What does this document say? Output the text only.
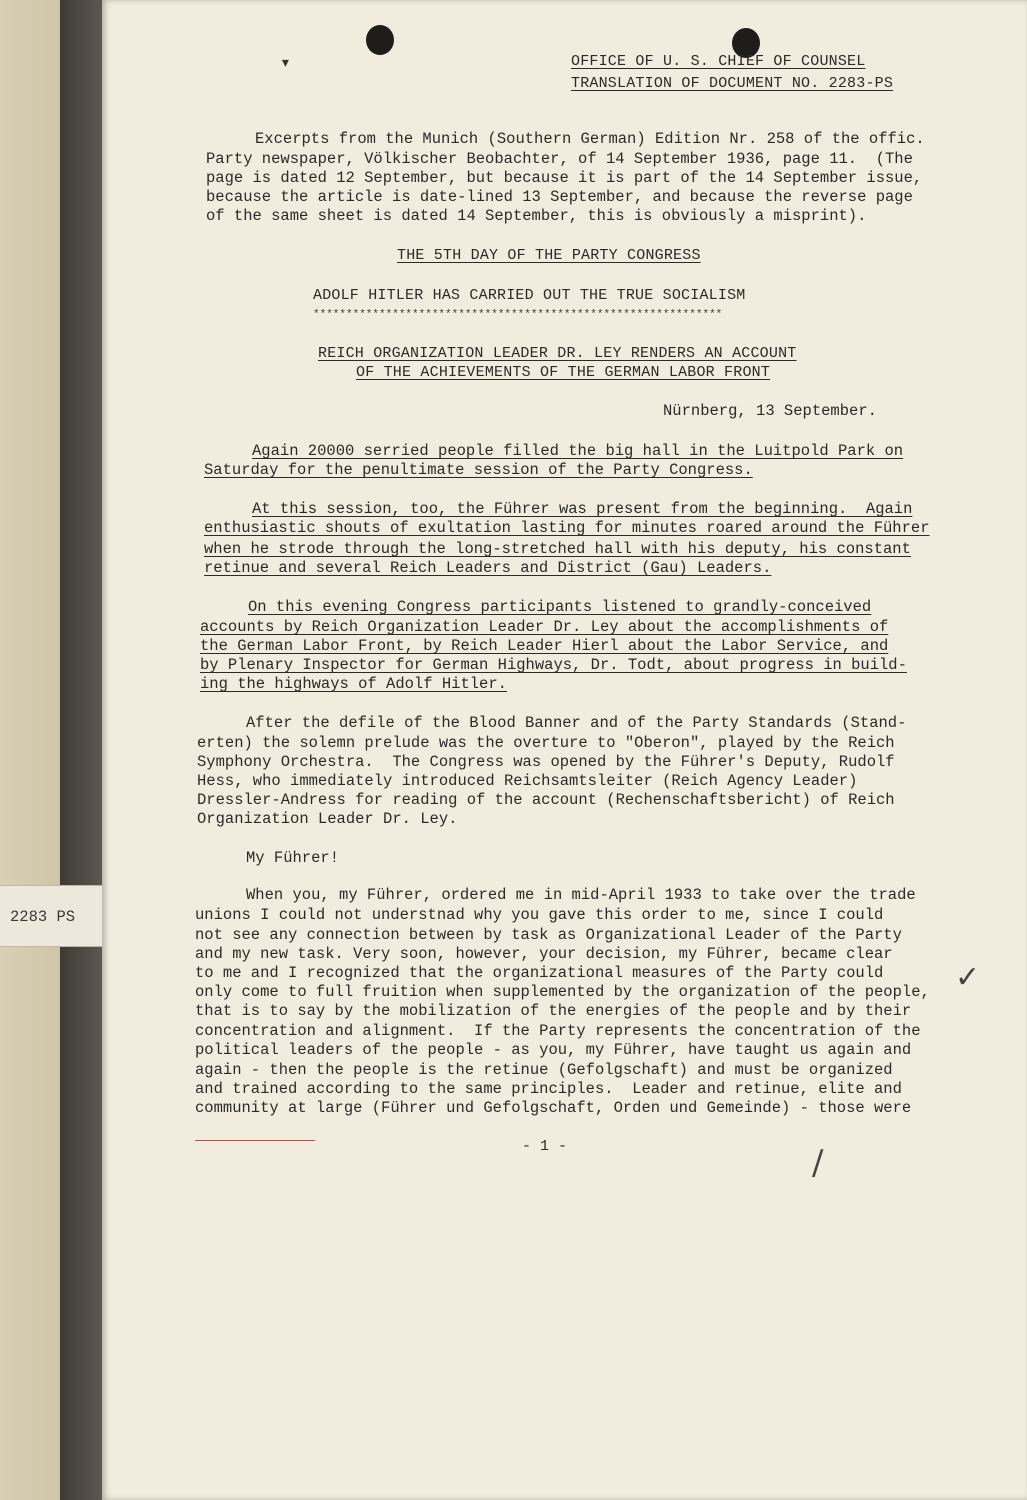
2283 PS
▾	OFFICE OF U. S. CHIEF OF COUNSEL
TRANSLATION OF DOCUMENT NO. 2283-PS
Excerpts from the Munich (Southern German) Edition Nr. 258 of the offic.
Party newspaper, Völkischer Beobachter, of 14 September 1936, page 11.  (The
page is dated 12 September, but because it is part of the 14 September issue,
because the article is date-lined 13 September, and because the reverse page
of the same sheet is dated 14 September, this is obviously a misprint).
THE 5TH DAY OF THE PARTY CONGRESS
ADOLF HITLER HAS CARRIED OUT THE TRUE SOCIALISM
**************************************************************
REICH ORGANIZATION LEADER DR. LEY RENDERS AN ACCOUNT
OF THE ACHIEVEMENTS OF THE GERMAN LABOR FRONT
Nürnberg, 13 September.
Again 20000 serried people filled the big hall in the Luitpold Park on
Saturday for the penultimate session of the Party Congress.
At this session, too, the Führer was present from the beginning.  Again
enthusiastic shouts of exultation lasting for minutes roared around the Führer
when he strode through the long-stretched hall with his deputy, his constant
retinue and several Reich Leaders and District (Gau) Leaders.
On this evening Congress participants listened to grandly-conceived
accounts by Reich Organization Leader Dr. Ley about the accomplishments of
the German Labor Front, by Reich Leader Hierl about the Labor Service, and
by Plenary Inspector for German Highways, Dr. Todt, about progress in build-
ing the highways of Adolf Hitler.
After the defile of the Blood Banner and of the Party Standards (Stand-
erten) the solemn prelude was the overture to "Oberon", played by the Reich
Symphony Orchestra.  The Congress was opened by the Führer's Deputy, Rudolf
Hess, who immediately introduced Reichsamtsleiter (Reich Agency Leader)
Dressler-Andress for reading of the account (Rechenschaftsbericht) of Reich
Organization Leader Dr. Ley.
My Führer!
When you, my Führer, ordered me in mid-April 1933 to take over the trade
unions I could not understnad why you gave this order to me, since I could
not see any connection between by task as Organizational Leader of the Party
and my new task. Very soon, however, your decision, my Führer, became clear
to me and I recognized that the organizational measures of the Party could
only come to full fruition when supplemented by the organization of the people,
that is to say by the mobilization of the energies of the people and by their
concentration and alignment.  If the Party represents the concentration of the
political leaders of the people - as you, my Führer, have taught us again and
again - then the people is the retinue (Gefolgschaft) and must be organized
and trained according to the same principles.  Leader and retinue, elite and
community at large (Führer und Gefolgschaft, Orden und Gemeinde) - those were
- 1 -	/
✓
